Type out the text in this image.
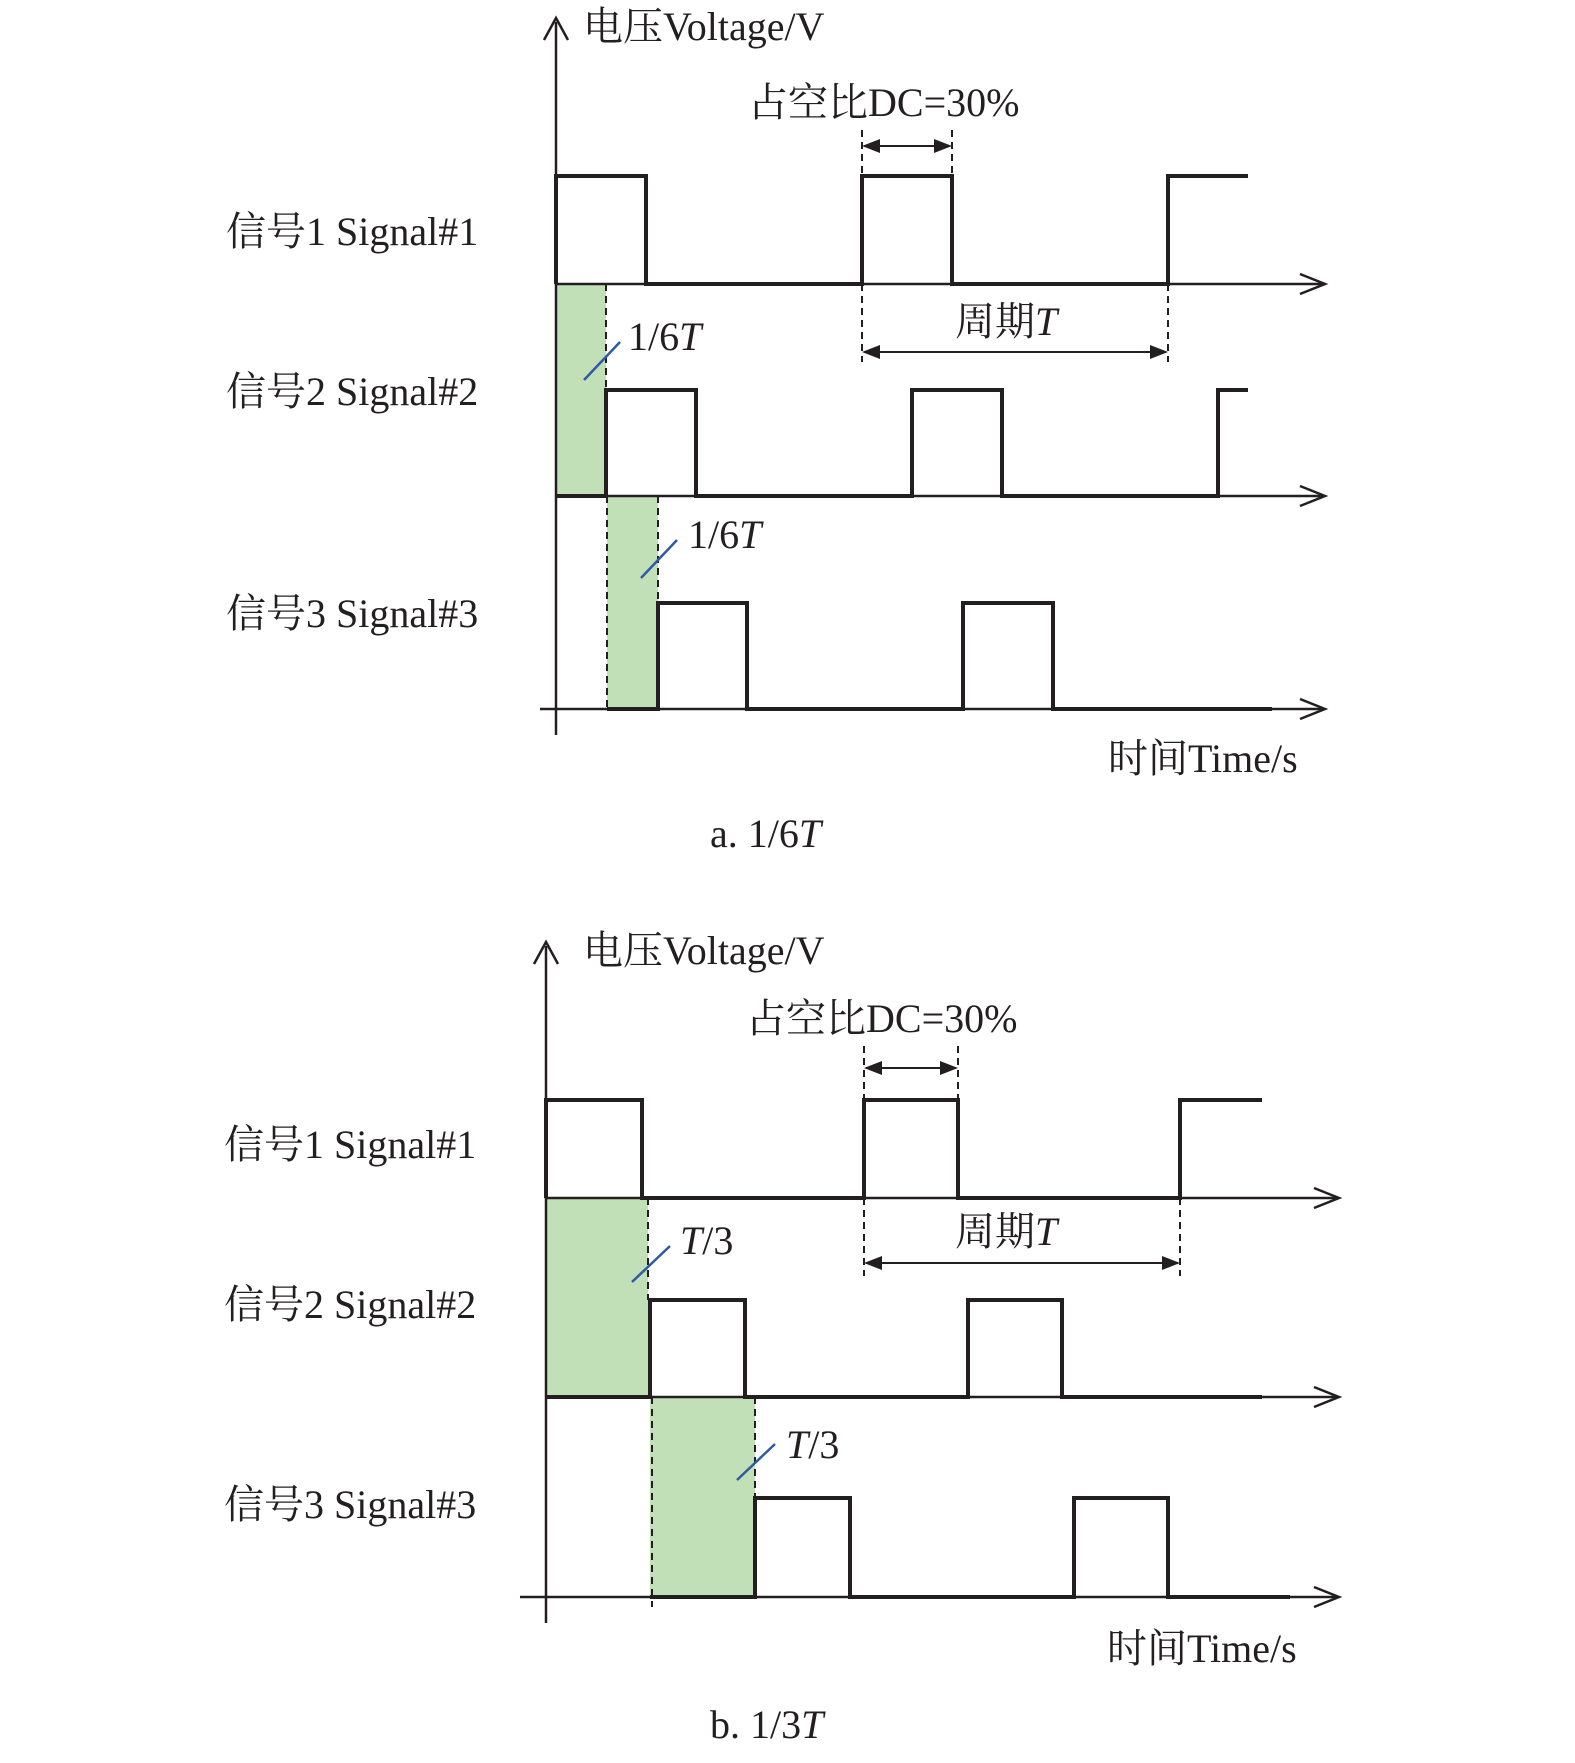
电压Voltage/V
占空比DC=30%
信号1 Signal#1
信号2 Signal#2
信号3 Signal#3
周期T
1/6T
1/6T
时间Time/s
a. 1/6T
电压Voltage/V
占空比DC=30%
信号1 Signal#1
信号2 Signal#2
信号3 Signal#3
周期T
T/3
T/3
时间Time/s
b. 1/3T
